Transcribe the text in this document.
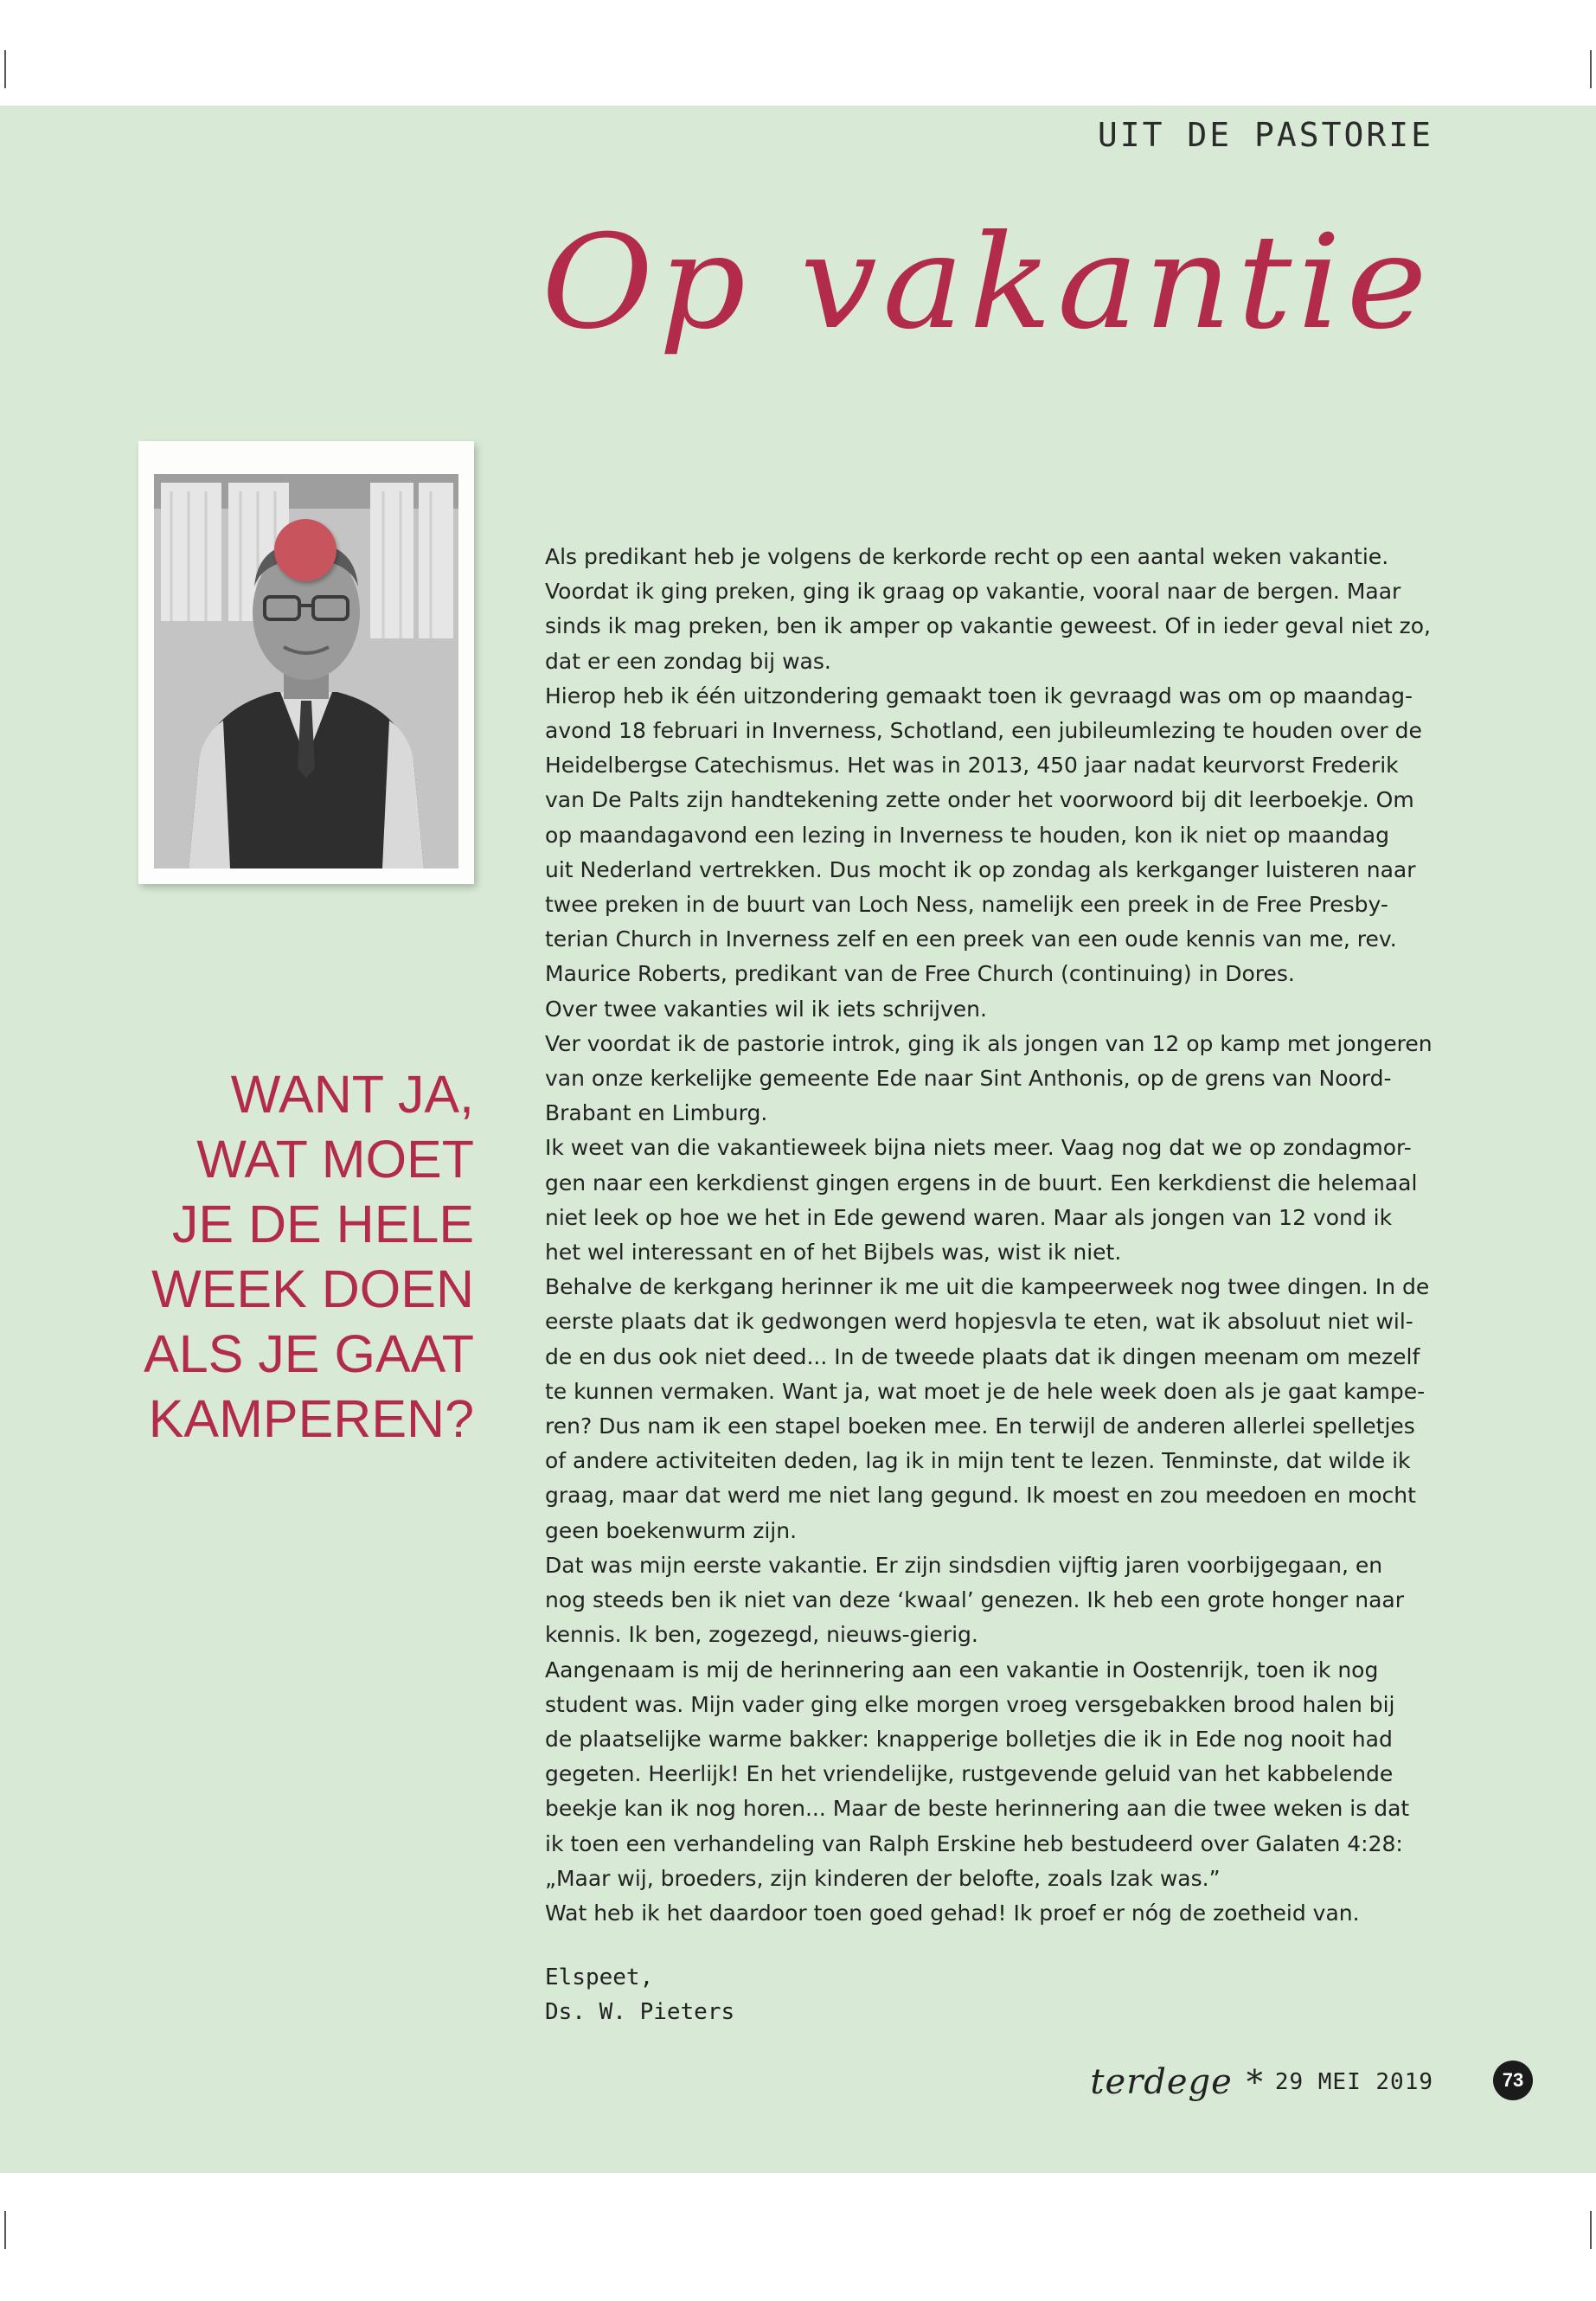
UIT DE PASTORIE
Op vakantie
WANT JA,
WAT MOET
JE DE HELE
WEEK DOEN
ALS JE GAAT
KAMPEREN?
Als predikant heb je volgens de kerkorde recht op een aantal weken vakantie.
Voordat ik ging preken, ging ik graag op vakantie, vooral naar de bergen. Maar
sinds ik mag preken, ben ik amper op vakantie geweest. Of in ieder geval niet zo,
dat er een zondag bij was.
Hierop heb ik één uitzondering gemaakt toen ik gevraagd was om op maandag-
avond 18 februari in Inverness, Schotland, een jubileumlezing te houden over de
Heidelbergse Catechismus. Het was in 2013, 450 jaar nadat keurvorst Frederik
van De Palts zijn handtekening zette onder het voorwoord bij dit leerboekje. Om
op maandagavond een lezing in Inverness te houden, kon ik niet op maandag
uit Nederland vertrekken. Dus mocht ik op zondag als kerkganger luisteren naar
twee preken in de buurt van Loch Ness, namelijk een preek in de Free Presby-
terian Church in Inverness zelf en een preek van een oude kennis van me, rev.
Maurice Roberts, predikant van de Free Church (continuing) in Dores.
Over twee vakanties wil ik iets schrijven.
Ver voordat ik de pastorie introk, ging ik als jongen van 12 op kamp met jongeren
van onze kerkelijke gemeente Ede naar Sint Anthonis, op de grens van Noord-
Brabant en Limburg.
Ik weet van die vakantieweek bijna niets meer. Vaag nog dat we op zondagmor-
gen naar een kerkdienst gingen ergens in de buurt. Een kerkdienst die helemaal
niet leek op hoe we het in Ede gewend waren. Maar als jongen van 12 vond ik
het wel interessant en of het Bijbels was, wist ik niet.
Behalve de kerkgang herinner ik me uit die kampeerweek nog twee dingen. In de
eerste plaats dat ik gedwongen werd hopjesvla te eten, wat ik absoluut niet wil-
de en dus ook niet deed... In de tweede plaats dat ik dingen meenam om mezelf
te kunnen vermaken. Want ja, wat moet je de hele week doen als je gaat kampe-
ren? Dus nam ik een stapel boeken mee. En terwijl de anderen allerlei spelletjes
of andere activiteiten deden, lag ik in mijn tent te lezen. Tenminste, dat wilde ik
graag, maar dat werd me niet lang gegund. Ik moest en zou meedoen en mocht
geen boekenwurm zijn.
Dat was mijn eerste vakantie. Er zijn sindsdien vijftig jaren voorbijgegaan, en
nog steeds ben ik niet van deze ‘kwaal’ genezen. Ik heb een grote honger naar
kennis. Ik ben, zogezegd, nieuws-gierig.
Aangenaam is mij de herinnering aan een vakantie in Oostenrijk, toen ik nog
student was. Mijn vader ging elke morgen vroeg versgebakken brood halen bij
de plaatselijke warme bakker: knapperige bolletjes die ik in Ede nog nooit had
gegeten. Heerlijk! En het vriendelijke, rustgevende geluid van het kabbelende
beekje kan ik nog horen... Maar de beste herinnering aan die twee weken is dat
ik toen een verhandeling van Ralph Erskine heb bestudeerd over Galaten 4:28:
„Maar wij, broeders, zijn kinderen der belofte, zoals Izak was.”
Wat heb ik het daardoor toen goed gehad! Ik proef er nóg de zoetheid van.
Elspeet,
Ds. W. Pieters
terdege * 29 MEI 2019	73
